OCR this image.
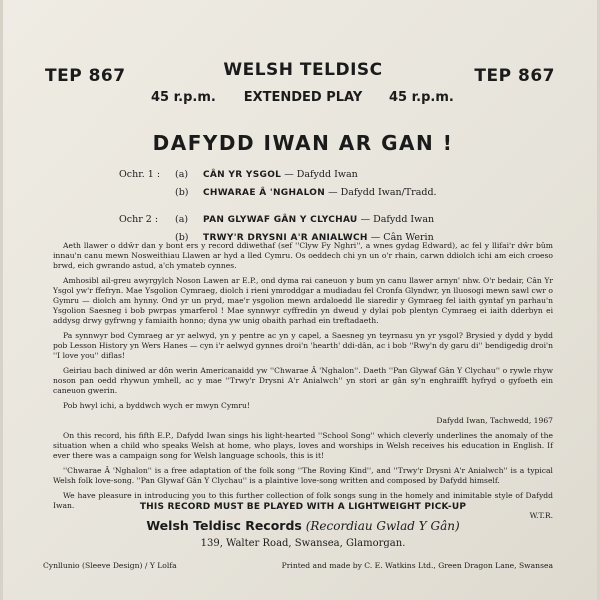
TEP 867	WELSH TELDISC	TEP 867
45 r.p.m.	EXTENDED PLAY	45 r.p.m.
DAFYDD IWAN AR GAN !
Ochr. 1 :	(a) CÂN YR YSGOL — Dafydd Iwan
(b) CHWARAE Â 'NGHALON — Dafydd Iwan/Tradd.
Ochr 2 :	(a) PAN GLYWAF GÂN Y CLYCHAU — Dafydd Iwan
(b) TRWY'R DRYSNI A'R ANIALWCH — Cân Werin

Aeth llawer o ddŵr dan y bont ers y record ddiwethaf (sef ''Clyw Fy Nghri'', a wnes gydag Edward), ac fel y llifai'r dŵr bûm innau'n canu mewn Nosweithiau Llawen ar hyd a lled Cymru. Os oeddech chi yn un o'r rhain, carwn ddiolch ichi am eich croeso brwd, eich gwrando astud, a'ch ymateb cynnes.

Amhosibl ail-greu awyrgylch Noson Lawen ar E.P., ond dyma rai caneuon y bum yn canu llawer arnyn' nhw. O'r bedair, Cân Yr Ysgol yw'r ffefryn. Mae Ysgolion Cymraeg, diolch i rieni ymroddgar a mudiadau fel Cronfa Glyndwr, yn lluosogi mewn sawl cwr o Gymru — diolch am hynny. Ond yr un pryd, mae'r ysgolion mewn ardaloedd lle siaredir y Gymraeg fel iaith gyntaf yn parhau'n Ysgolion Saesneg i bob pwrpas ymarferol ! Mae synnwyr cyffredin yn dweud y dylai pob plentyn Cymraeg ei iaith dderbyn ei addysg drwy gyfrwng y famiaith honno; dyna yw unig obaith parhad ein treftadaeth.

Pa synnwyr bod Cymraeg ar yr aelwyd, yn y pentre ac yn y capel, a Saesneg yn teyrnasu yn yr ysgol? Brysied y dydd y bydd pob Lesson History yn Wers Hanes — cyn i'r aelwyd gynnes droi'n 'hearth' ddi-dân, ac i bob ''Rwy'n dy garu di'' bendigedig droi'n ''I love you'' diflas!

Geiriau bach diniwed ar dôn werin Americanaidd yw ''Chwarae Â 'Nghalon''. Daeth ''Pan Glywaf Gân Y Clychau'' o rywle rhyw noson pan oedd rhywun ymhell, ac y mae ''Trwy'r Drysni A'r Anialwch'' yn stori ar gân sy'n enghraifft hyfryd o gyfoeth ein caneuon gwerin.

Pob hwyl ichi, a byddwch wych er mwyn Cymru!

Dafydd Iwan, Tachwedd, 1967

On this record, his fifth E.P., Dafydd Iwan sings his light-hearted ''School Song'' which cleverly underlines the anomaly of the situation when a child who speaks Welsh at home, who plays, loves and worships in Welsh receives his education in English. If ever there was a campaign song for Welsh language schools, this is it!

''Chwarae Â 'Nghalon'' is a free adaptation of the folk song ''The Roving Kind'', and ''Trwy'r Drysni A'r Anialwch'' is a typical Welsh folk love-song. ''Pan Glywaf Gân Y Clychau'' is a plaintive love-song written and composed by Dafydd himself.

We have pleasure in introducing you to this further collection of folk songs sung in the homely and inimitable style of Dafydd Iwan.

W.T.R.
THIS RECORD MUST BE PLAYED WITH A LIGHTWEIGHT PICK-UP
Welsh Teldisc Records (Recordiau Gwlad Y Gân)
139, Walter Road, Swansea, Glamorgan.
Cynllunio (Sleeve Design) / Y Lolfa	Printed and made by C. E. Watkins Ltd., Green Dragon Lane, Swansea
